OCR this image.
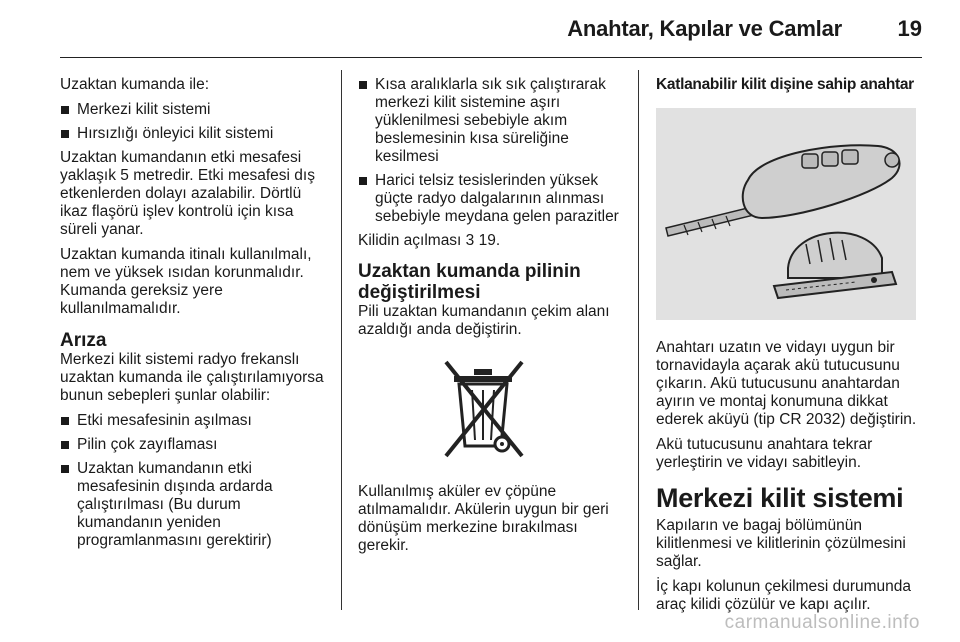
Anahtar, Kapılar ve Camlar	19

Uzaktan kumanda ile:

Merkezi kilit sistemi
Hırsızlığı önleyici kilit sistemi

Uzaktan kumandanın etki mesafesi yaklaşık 5 metredir. Etki mesafesi dış etkenlerden dolayı azalabilir. Dörtlü ikaz flaşörü işlev kontrolü için kısa süreli yanar.

Uzaktan kumanda itinalı kullanılmalı, nem ve yüksek ısıdan korunmalıdır. Kumanda gereksiz yere kullanılmamalıdır.

Arıza

Merkezi kilit sistemi radyo frekanslı uzaktan kumanda ile çalıştırılamıyorsa bunun sebepleri şunlar olabilir:

Etki mesafesinin aşılması
Pilin çok zayıflaması
Uzaktan kumandanın etki mesafesinin dışında ardarda çalıştırılması (Bu durum kumandanın yeniden programlanmasını gerektirir)
Kısa aralıklarla sık sık çalıştırarak merkezi kilit sistemine aşırı yüklenilmesi sebebiyle akım beslemesinin kısa süreliğine kesilmesi
Harici telsiz tesislerinden yüksek güçte radyo dalgalarının alınması sebebiyle meydana gelen parazitler

Kilidin açılması 3 19.

Uzaktan kumanda pilinin değiştirilmesi

Pili uzaktan kumandanın çekim alanı azaldığı anda değiştirin.

Kullanılmış aküler ev çöpüne atılmamalıdır. Akülerin uygun bir geri dönüşüm merkezine bırakılması gerekir.

Katlanabilir kilit dişine sahip anahtar

Anahtarı uzatın ve vidayı uygun bir tornavidayla açarak akü tutucusunu çıkarın. Akü tutucusunu anahtardan ayırın ve montaj konumuna dikkat ederek aküyü (tip CR 2032) değiştirin.

Akü tutucusunu anahtara tekrar yerleştirin ve vidayı sabitleyin.

Merkezi kilit sistemi

Kapıların ve bagaj bölümünün kilitlenmesi ve kilitlerinin çözülmesini sağlar.

İç kapı kolunun çekilmesi durumunda araç kilidi çözülür ve kapı açılır.

carmanualsonline.info
